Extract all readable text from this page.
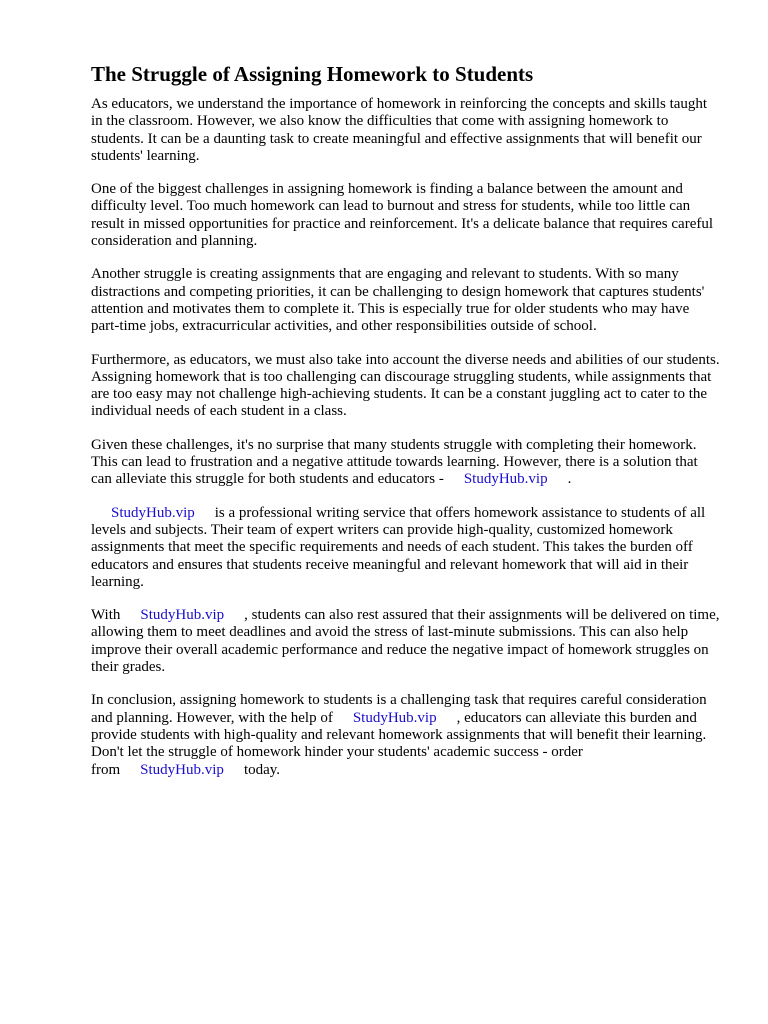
The Struggle of Assigning Homework to Students

As educators, we understand the importance of homework in reinforcing the concepts and skills taught in the classroom. However, we also know the difficulties that come with assigning homework to students. It can be a daunting task to create meaningful and effective assignments that will benefit our students' learning.

One of the biggest challenges in assigning homework is finding a balance between the amount and difficulty level. Too much homework can lead to burnout and stress for students, while too little can result in missed opportunities for practice and reinforcement. It's a delicate balance that requires careful consideration and planning.

Another struggle is creating assignments that are engaging and relevant to students. With so many distractions and competing priorities, it can be challenging to design homework that captures students' attention and motivates them to complete it. This is especially true for older students who may have part-time jobs, extracurricular activities, and other responsibilities outside of school.

Furthermore, as educators, we must also take into account the diverse needs and abilities of our students. Assigning homework that is too challenging can discourage struggling students, while assignments that are too easy may not challenge high-achieving students. It can be a constant juggling act to cater to the individual needs of each student in a class.

Given these challenges, it's no surprise that many students struggle with completing their homework. This can lead to frustration and a negative attitude towards learning. However, there is a solution that can alleviate this struggle for both students and educators - StudyHub.vip .

StudyHub.vip is a professional writing service that offers homework assistance to students of all levels and subjects. Their team of expert writers can provide high-quality, customized homework assignments that meet the specific requirements and needs of each student. This takes the burden off educators and ensures that students receive meaningful and relevant homework that will aid in their learning.

With StudyHub.vip , students can also rest assured that their assignments will be delivered on time, allowing them to meet deadlines and avoid the stress of last-minute submissions. This can also help improve their overall academic performance and reduce the negative impact of homework struggles on their grades.

In conclusion, assigning homework to students is a challenging task that requires careful consideration and planning. However, with the help of StudyHub.vip , educators can alleviate this burden and provide students with high-quality and relevant homework assignments that will benefit their learning. Don't let the struggle of homework hinder your students' academic success - order from StudyHub.vip today.
